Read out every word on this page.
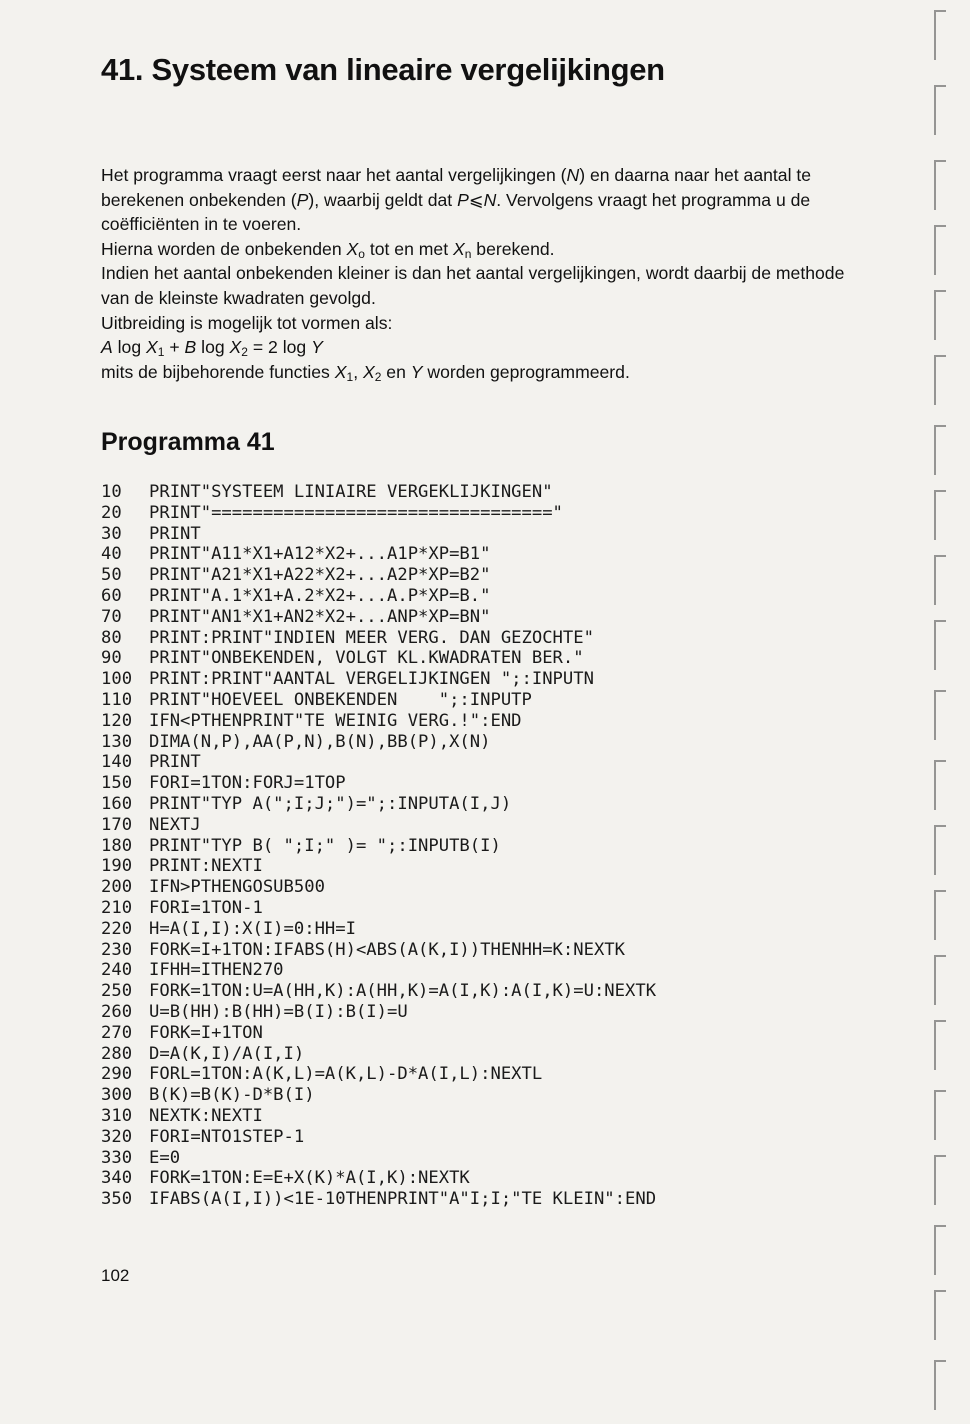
41. Systeem van lineaire vergelijkingen

Het programma vraagt eerst naar het aantal vergelijkingen (N) en daarna naar het aantal te berekenen onbekenden (P), waarbij geldt dat P⩽N. Vervolgens vraagt het programma u de coëfficiënten in te voeren.

Hierna worden de onbekenden $X_o$ tot en met $X_n$ berekend.

Indien het aantal onbekenden kleiner is dan het aantal vergelijkingen, wordt daarbij de methode van de kleinste kwadraten gevolgd.

Uitbreiding is mogelijk tot vormen als:

A $\log X_1 + B$ $\log X_2 = 2$ log Y

mits de bijbehorende functies $X_1$, $X_2$ en Y worden geprogrammeerd.

Programma 41
10 PRINT"SYSTEEM LINIAIRE VERGEKLIJKINGEN"
20 PRINT"================================="
30 PRINT
40 PRINT"A11*X1+A12*X2+...A1P*XP=B1"
50 PRINT"A21*X1+A22*X2+...A2P*XP=B2"
60 PRINT"A.1*X1+A.2*X2+...A.P*XP=B."
70 PRINT"AN1*X1+AN2*X2+...ANP*XP=BN"
80 PRINT:PRINT"INDIEN MEER VERG. DAN GEZOCHTE"
90 PRINT"ONBEKENDEN, VOLGT KL.KWADRATEN BER."
100 PRINT:PRINT"AANTAL VERGELIJKINGEN ";:INPUTN
110 PRINT"HOEVEEL ONBEKENDEN    ";:INPUTP
120 IFN<PTHENPRINT"TE WEINIG VERG.!":END
130 DIMA(N,P),AA(P,N),B(N),BB(P),X(N)
140 PRINT
150 FORI=1TON:FORJ=1TOP
160 PRINT"TYP A(";I;J;")=";:INPUTA(I,J)
170 NEXTJ
180 PRINT"TYP B( ";I;" )= ";:INPUTB(I)
190 PRINT:NEXTI
200 IFN>PTHENGOSUB500
210 FORI=1TON-1
220 H=A(I,I):X(I)=0:HH=I
230 FORK=I+1TON:IFABS(H)<ABS(A(K,I))THENHH=K:NEXTK
240 IFHH=ITHEN270
250 FORK=1TON:U=A(HH,K):A(HH,K)=A(I,K):A(I,K)=U:NEXTK
260 U=B(HH):B(HH)=B(I):B(I)=U
270 FORK=I+1TON
280 D=A(K,I)/A(I,I)
290 FORL=1TON:A(K,L)=A(K,L)-D*A(I,L):NEXTL
300 B(K)=B(K)-D*B(I)
310 NEXTK:NEXTI
320 FORI=NTO1STEP-1
330 E=0
340 FORK=1TON:E=E+X(K)*A(I,K):NEXTK
350 IFABS(A(I,I))<1E-10THENPRINT"A"I;I;"TE KLEIN":END
102
